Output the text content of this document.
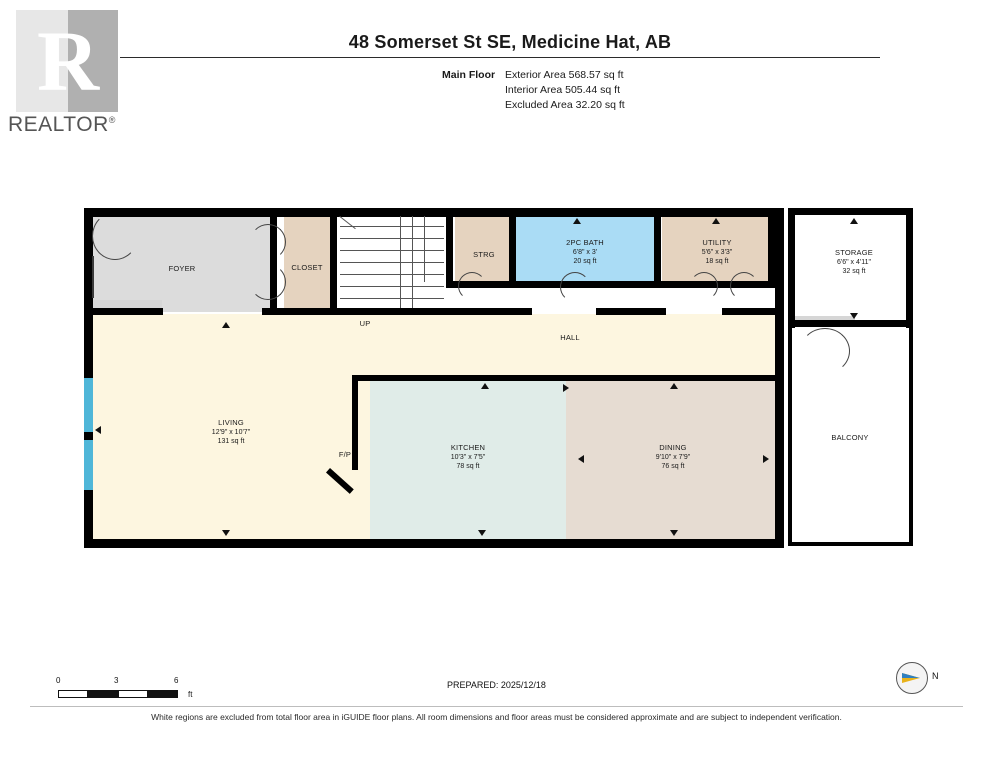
R
REALTOR®
48 Somerset St SE, Medicine Hat, AB
Main Floor Exterior Area 568.57 sq ft
Interior Area 505.44 sq ft
Excluded Area 32.20 sq ft
FOYER	CLOSET
STRG
2PC BATH
6'8" x 3'
20 sq ft
UTILITY
5'6" x 3'3"
18 sq ft
STORAGE
6'6" x 4'11"
32 sq ft
HALL
UP
LIVING
12'9" x 10'7"
131 sq ft
F/P
KITCHEN
10'3" x 7'5"
78 sq ft
DINING
9'10" x 7'9"
76 sq ft
BALCONY
0	3	6
ft
PREPARED: 2025/12/18
N
White regions are excluded from total floor area in iGUIDE floor plans. All room dimensions and floor areas must be considered approximate and are subject to independent verification.
